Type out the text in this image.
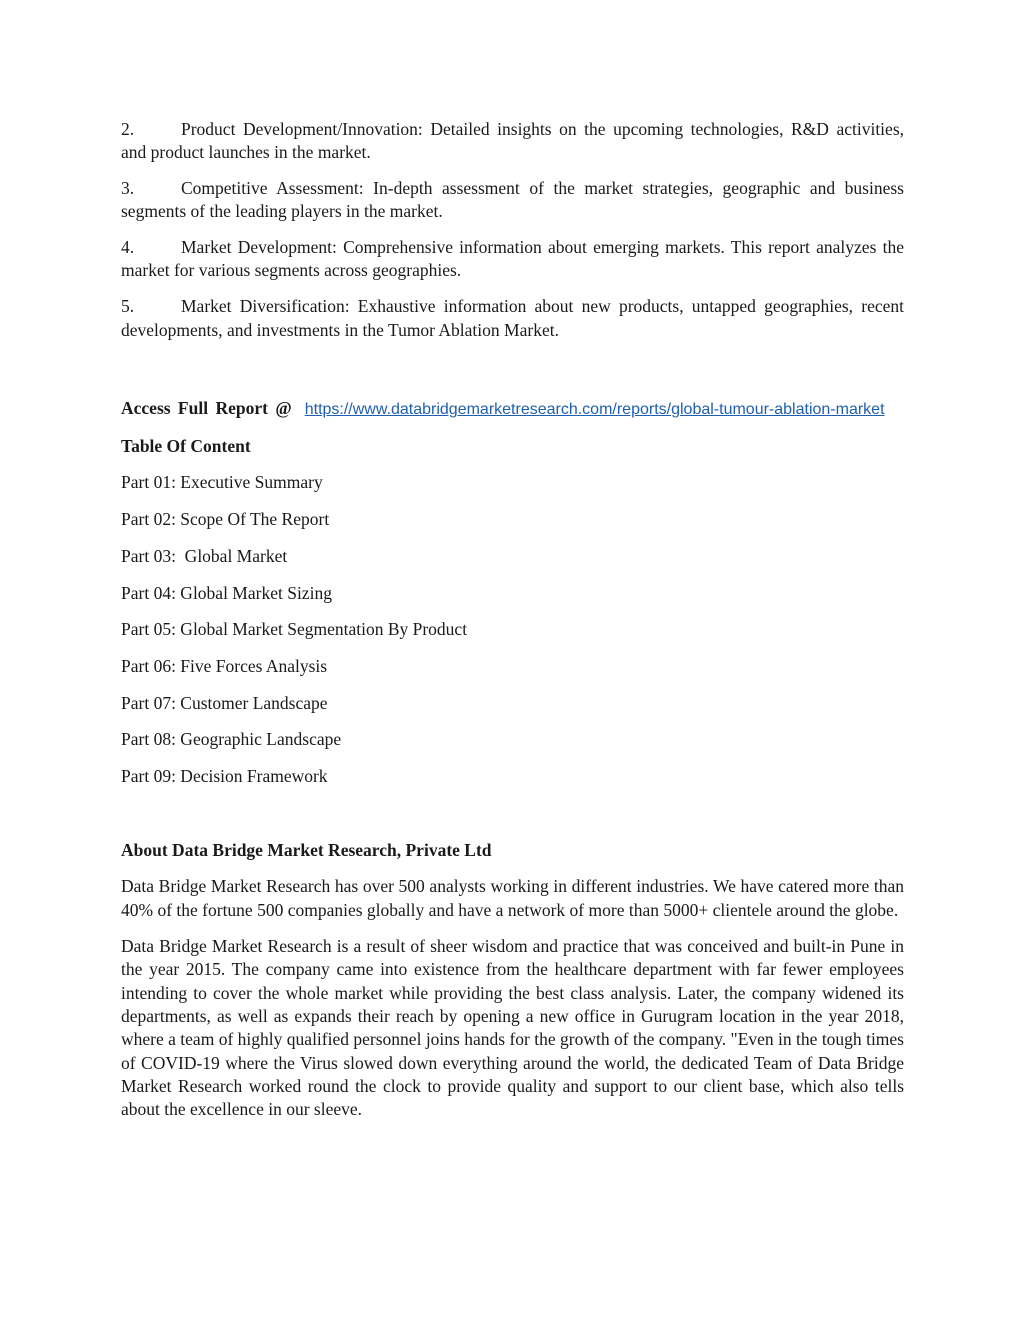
2.	Product Development/Innovation: Detailed insights on the upcoming technologies, R&D activities, and product launches in the market.

3.	Competitive Assessment: In-depth assessment of the market strategies, geographic and business segments of the leading players in the market.

4.	Market Development: Comprehensive information about emerging markets. This report analyzes the market for various segments across geographies.

5.	Market Diversification: Exhaustive information about new products, untapped geographies, recent developments, and investments in the Tumor Ablation Market.

Access Full Report @ https://www.databridgemarketresearch.com/reports/global-tumour-ablation-market

Table Of Content

Part 01: Executive Summary

Part 02: Scope Of The Report

Part 03:  Global Market

Part 04: Global Market Sizing

Part 05: Global Market Segmentation By Product

Part 06: Five Forces Analysis

Part 07: Customer Landscape

Part 08: Geographic Landscape

Part 09: Decision Framework

About Data Bridge Market Research, Private Ltd

Data Bridge Market Research has over 500 analysts working in different industries. We have catered more than 40% of the fortune 500 companies globally and have a network of more than 5000+ clientele around the globe.

Data Bridge Market Research is a result of sheer wisdom and practice that was conceived and built-in Pune in the year 2015. The company came into existence from the healthcare department with far fewer employees intending to cover the whole market while providing the best class analysis. Later, the company widened its departments, as well as expands their reach by opening a new office in Gurugram location in the year 2018, where a team of highly qualified personnel joins hands for the growth of the company. "Even in the tough times of COVID-19 where the Virus slowed down everything around the world, the dedicated Team of Data Bridge Market Research worked round the clock to provide quality and support to our client base, which also tells about the excellence in our sleeve.
